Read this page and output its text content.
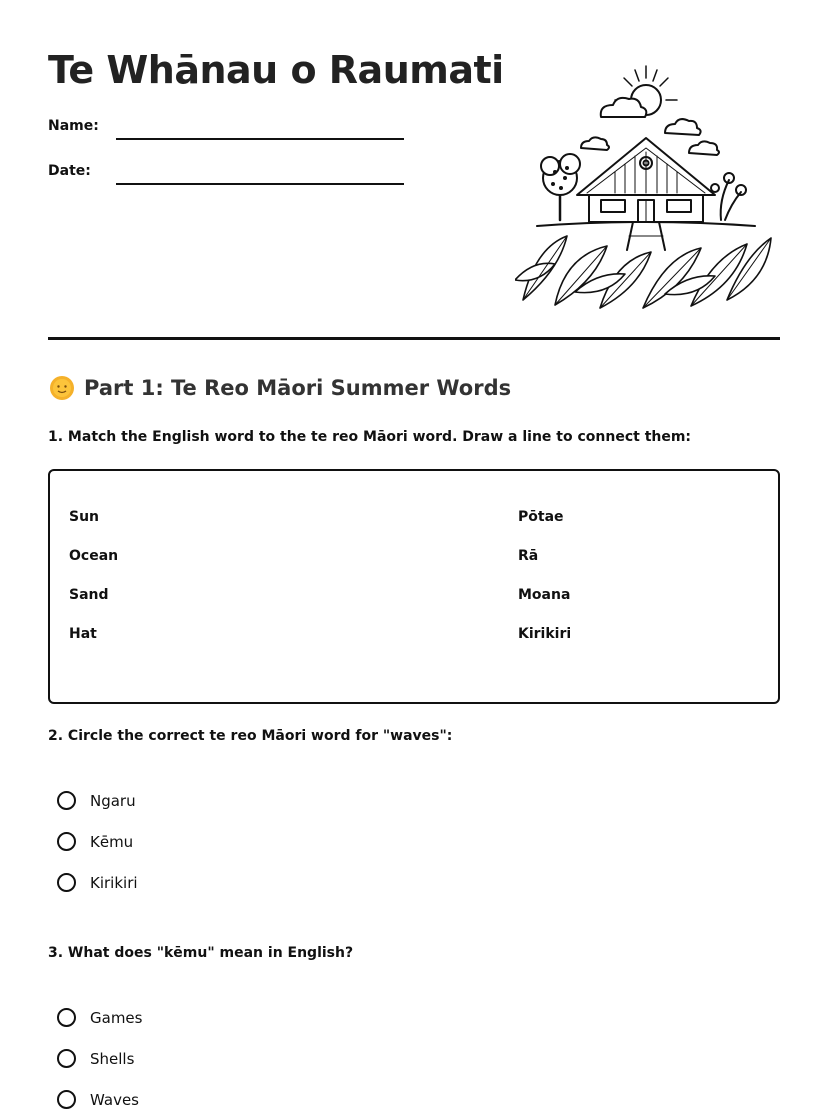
Te Whānau o Raumati
Name:
Date:
Part 1: Te Reo Māori Summer Words

1. Match the English word to the te reo Māori word. Draw a line to connect them:

Sun
Ocean
Sand
Hat
Pōtae
Rā
Moana
Kirikiri

2. Circle the correct te reo Māori word for "waves":

Ngaru
Kēmu
Kirikiri

3. What does "kēmu" mean in English?

Games
Shells
Waves
